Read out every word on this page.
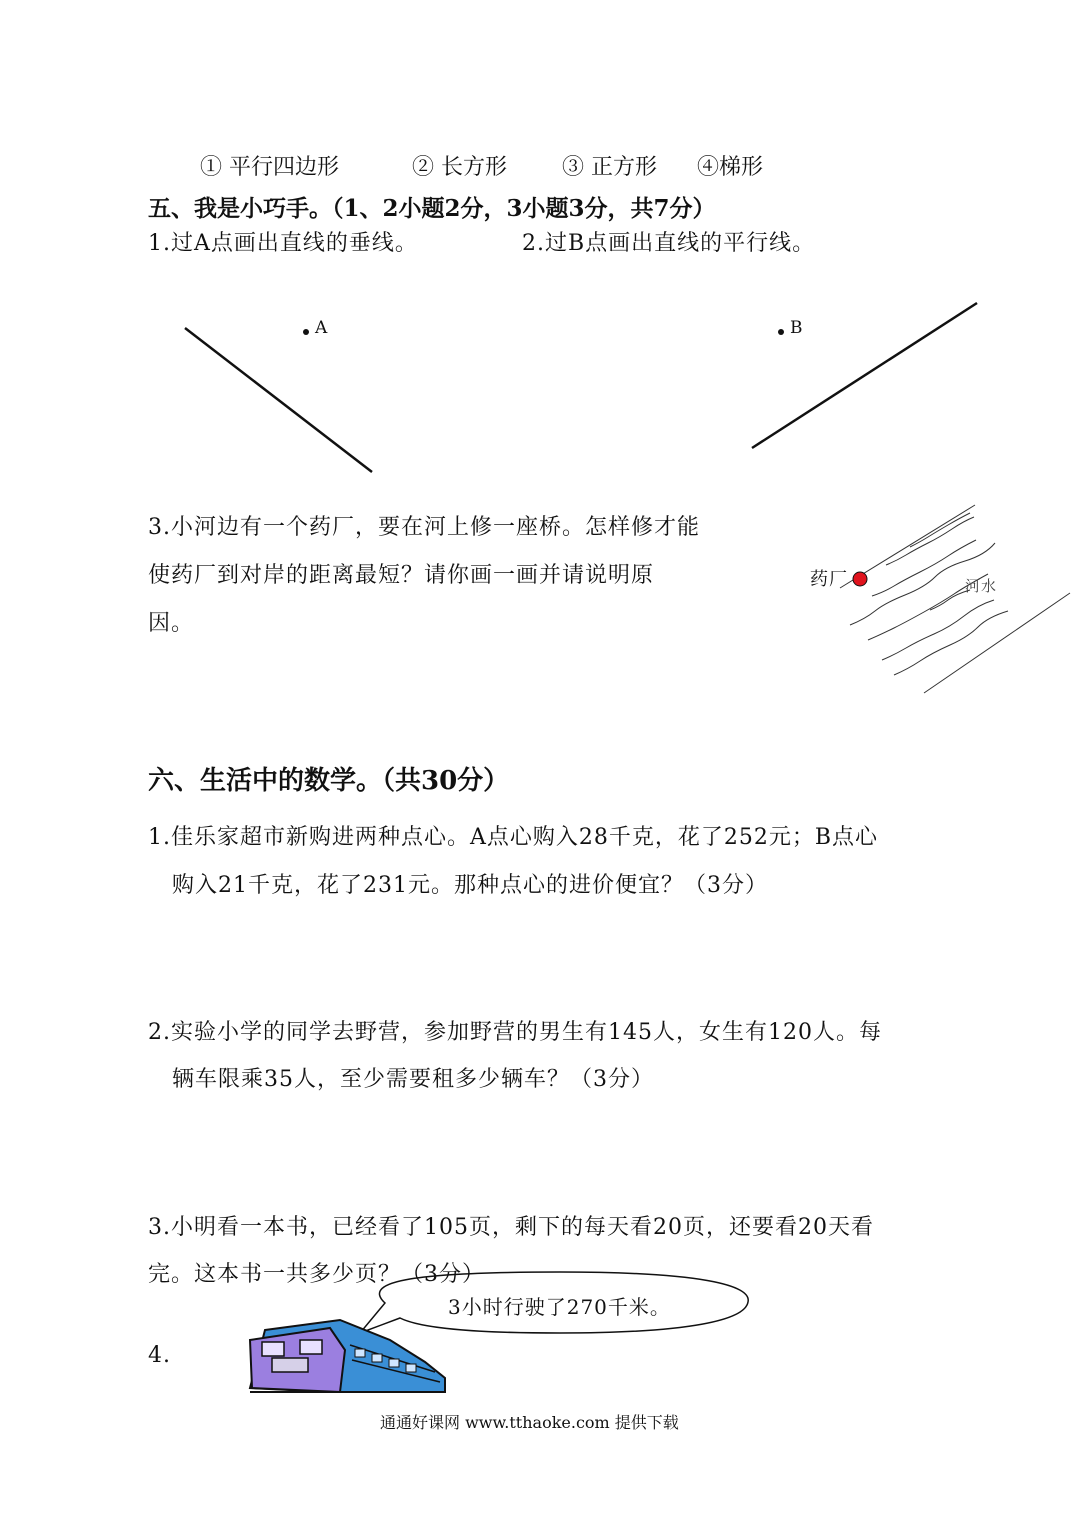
① 平行四边形	② 长方形	③ 正方形 ④梯形
五、我是小巧手。（1、2小题2分，3小题3分，共7分）
1.过A点画出直线的垂线。	2.过B点画出直线的平行线。
A	B
3.小河边有一个药厂，要在河上修一座桥。怎样修才能
使药厂到对岸的距离最短？请你画一画并请说明原
因。
药厂	河水
六、生活中的数学。（共30分）
1.佳乐家超市新购进两种点心。A点心购入28千克，花了252元；B点心
购入21千克，花了231元。那种点心的进价便宜？（3分）
2.实验小学的同学去野营，参加野营的男生有145人，女生有120人。每
辆车限乘35人，至少需要租多少辆车？（3分）
3.小明看一本书，已经看了105页，剩下的每天看20页，还要看20天看
完。这本书一共多少页？（3分）
3小时行驶了270千米。
4.
通通好课网 www.tthaoke.com 提供下载
